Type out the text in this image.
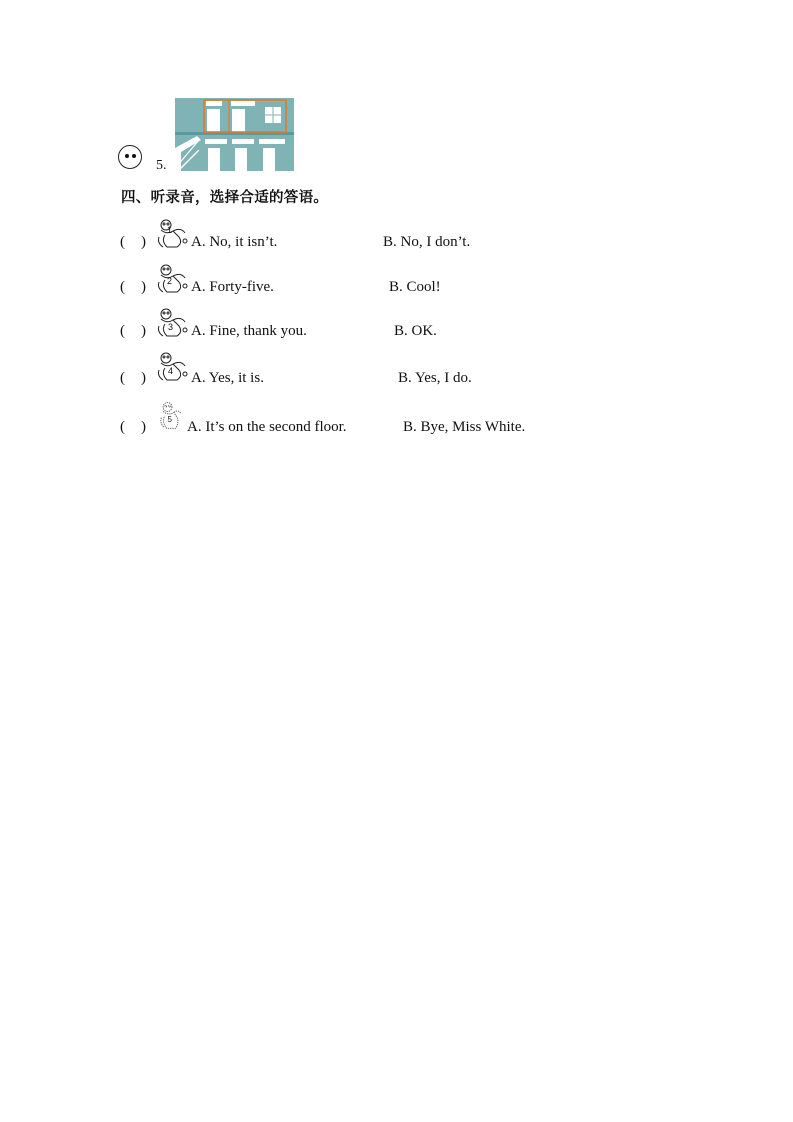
5.
四、听录音，选择合适的答语。
( )
1
A. No, it isn’t.	B. No, I don’t.
( ) 2 A. Forty-five.	B. Cool!
( ) 3 A. Fine, thank you.	B. OK.
( ) 4 A. Yes, it is.	B. Yes, I do.
( ) 5 A. It’s on the second floor.	B. Bye, Miss White.
